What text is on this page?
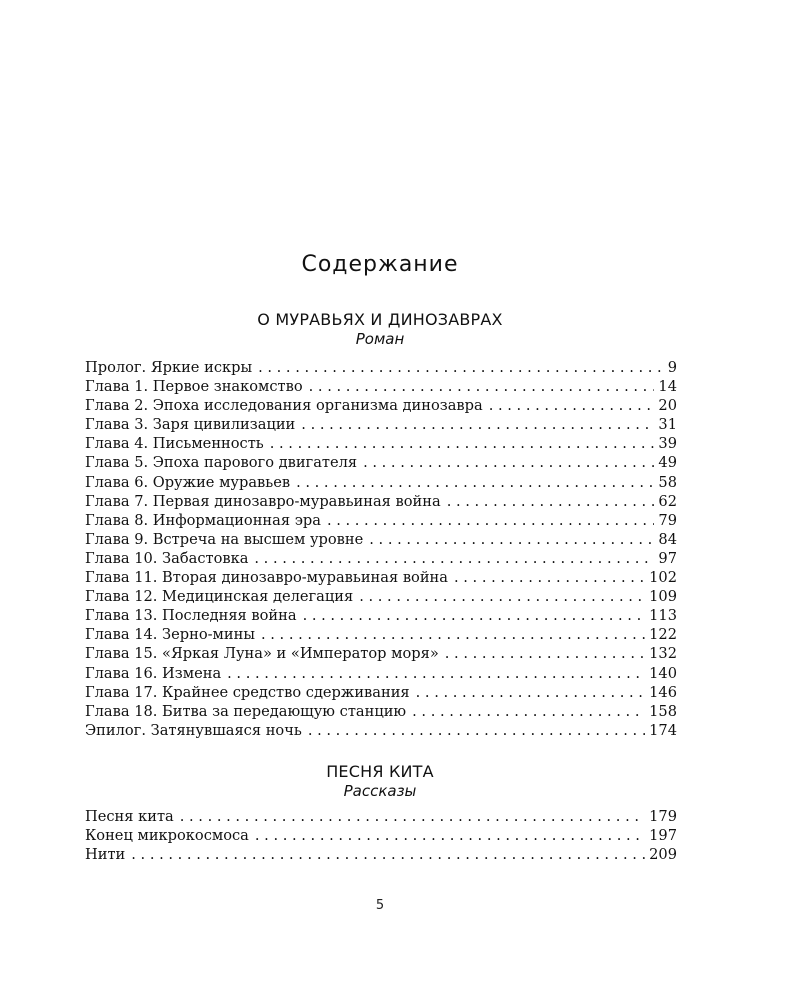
Содержание
О МУРАВЬЯХ И ДИНОЗАВРАХ
Роман
Пролог. Яркие искры . . .	9
Глава 1. Первое знакомство . . .	14
Глава 2. Эпоха исследования организма динозавра . . .	20
Глава 3. Заря цивилизации . . .	31
Глава 4. Письменность . . .	39
Глава 5. Эпоха парового двигателя . . .	49
Глава 6. Оружие муравьев . . .	58
Глава 7. Первая динозавро-муравьиная война . . .	62
Глава 8. Информационная эра . . .	79
Глава 9. Встреча на высшем уровне . . .	84
Глава 10. Забастовка . . .	97
Глава 11. Вторая динозавро-муравьиная война . . .	102
Глава 12. Медицинская делегация . . .	109
Глава 13. Последняя война . . .	113
Глава 14. Зерно-мины . . .	122
Глава 15. «Яркая Луна» и «Император моря» . . .	132
Глава 16. Измена . . .	140
Глава 17. Крайнее средство сдерживания . . .	146
Глава 18. Битва за передающую станцию . . .	158
Эпилог. Затянувшаяся ночь . . .	174
ПЕСНЯ КИТА
Рассказы
Песня кита . . .	179
Конец микрокосмоса . . .	197
Нити . . .	209
5
